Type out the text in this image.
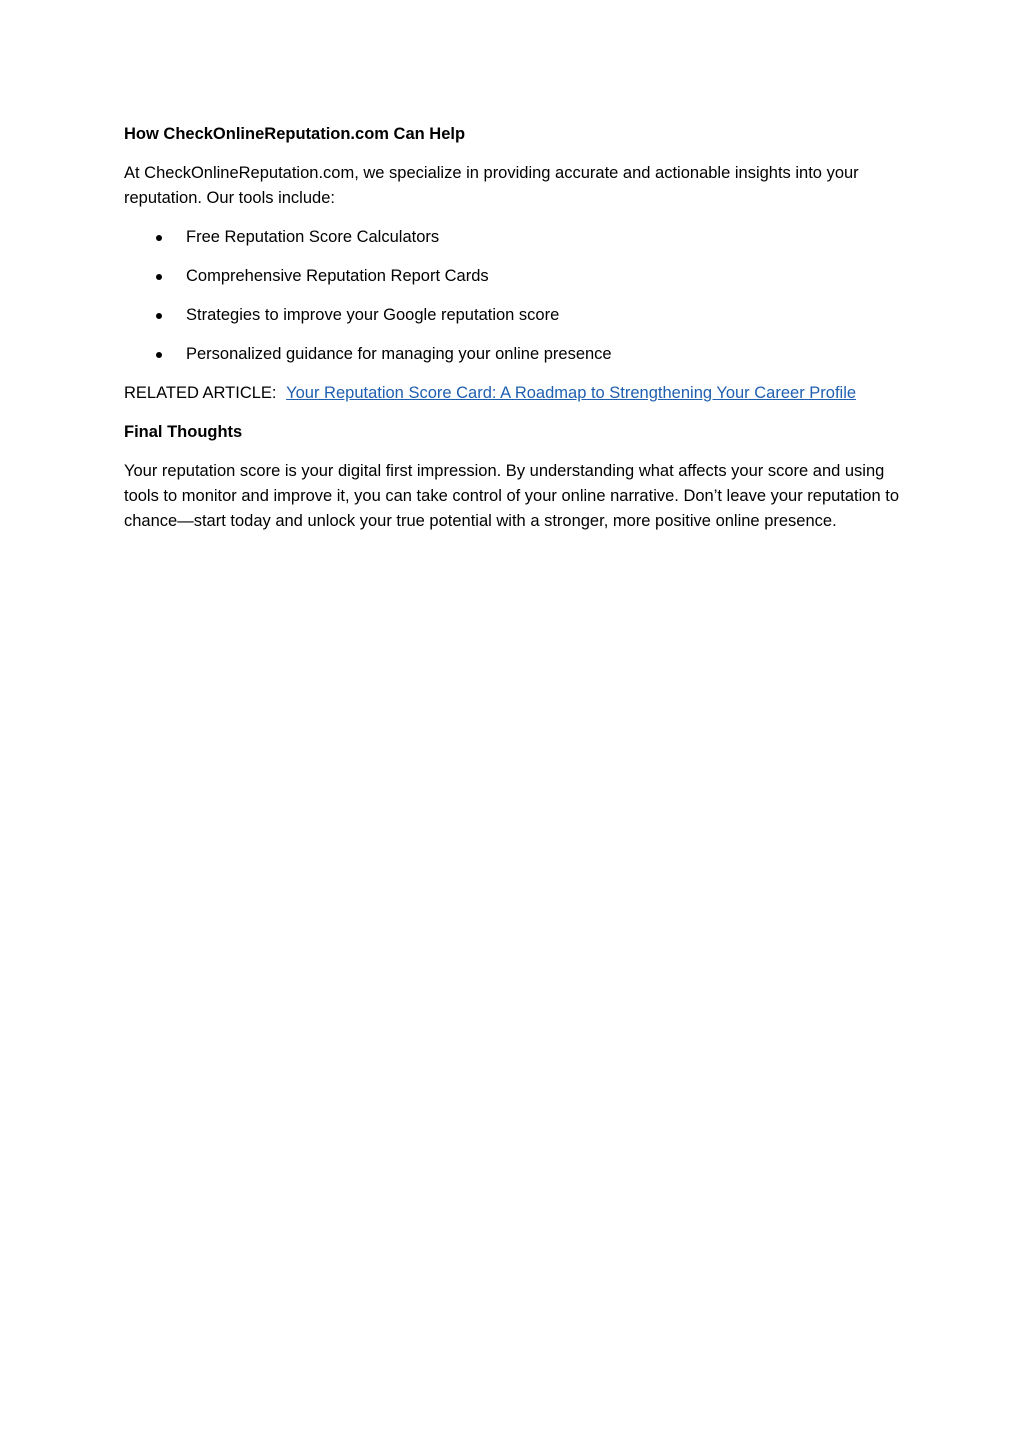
How CheckOnlineReputation.com Can Help

At CheckOnlineReputation.com, we specialize in providing accurate and actionable insights into your reputation. Our tools include:

Free Reputation Score Calculators
Comprehensive Reputation Report Cards
Strategies to improve your Google reputation score
Personalized guidance for managing your online presence

RELATED ARTICLE: Your Reputation Score Card: A Roadmap to Strengthening Your Career Profile

Final Thoughts

Your reputation score is your digital first impression. By understanding what affects your score and using tools to monitor and improve it, you can take control of your online narrative. Don’t leave your reputation to chance—start today and unlock your true potential with a stronger, more positive online presence.
